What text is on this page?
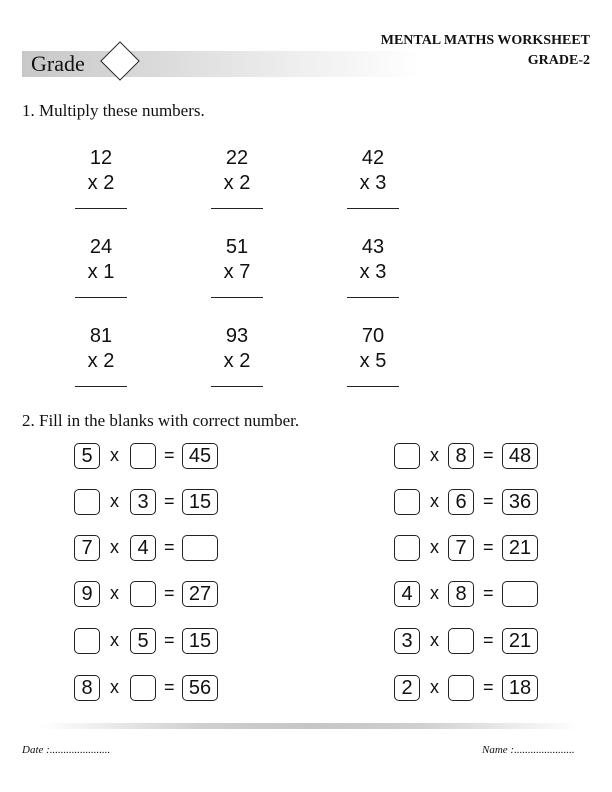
Grade
MENTAL MATHS WORKSHEET
GRADE-2
1. Multiply these numbers.
12
x 2
22
x 2
42
x 3
24
x 1
51
x 7
43
x 3
81
x 2
93
x 2
70
x 5
2. Fill in the blanks with correct number.
5 x	= 45	x 8 = 48
x 3 = 15	x 6 = 36
7 x 4 =	x 7 = 21
9 x	= 27	4 x 8 =
x 5 = 15	3 x = 21
8 x	= 56	2 x = 18
Date :......................	Name :......................
